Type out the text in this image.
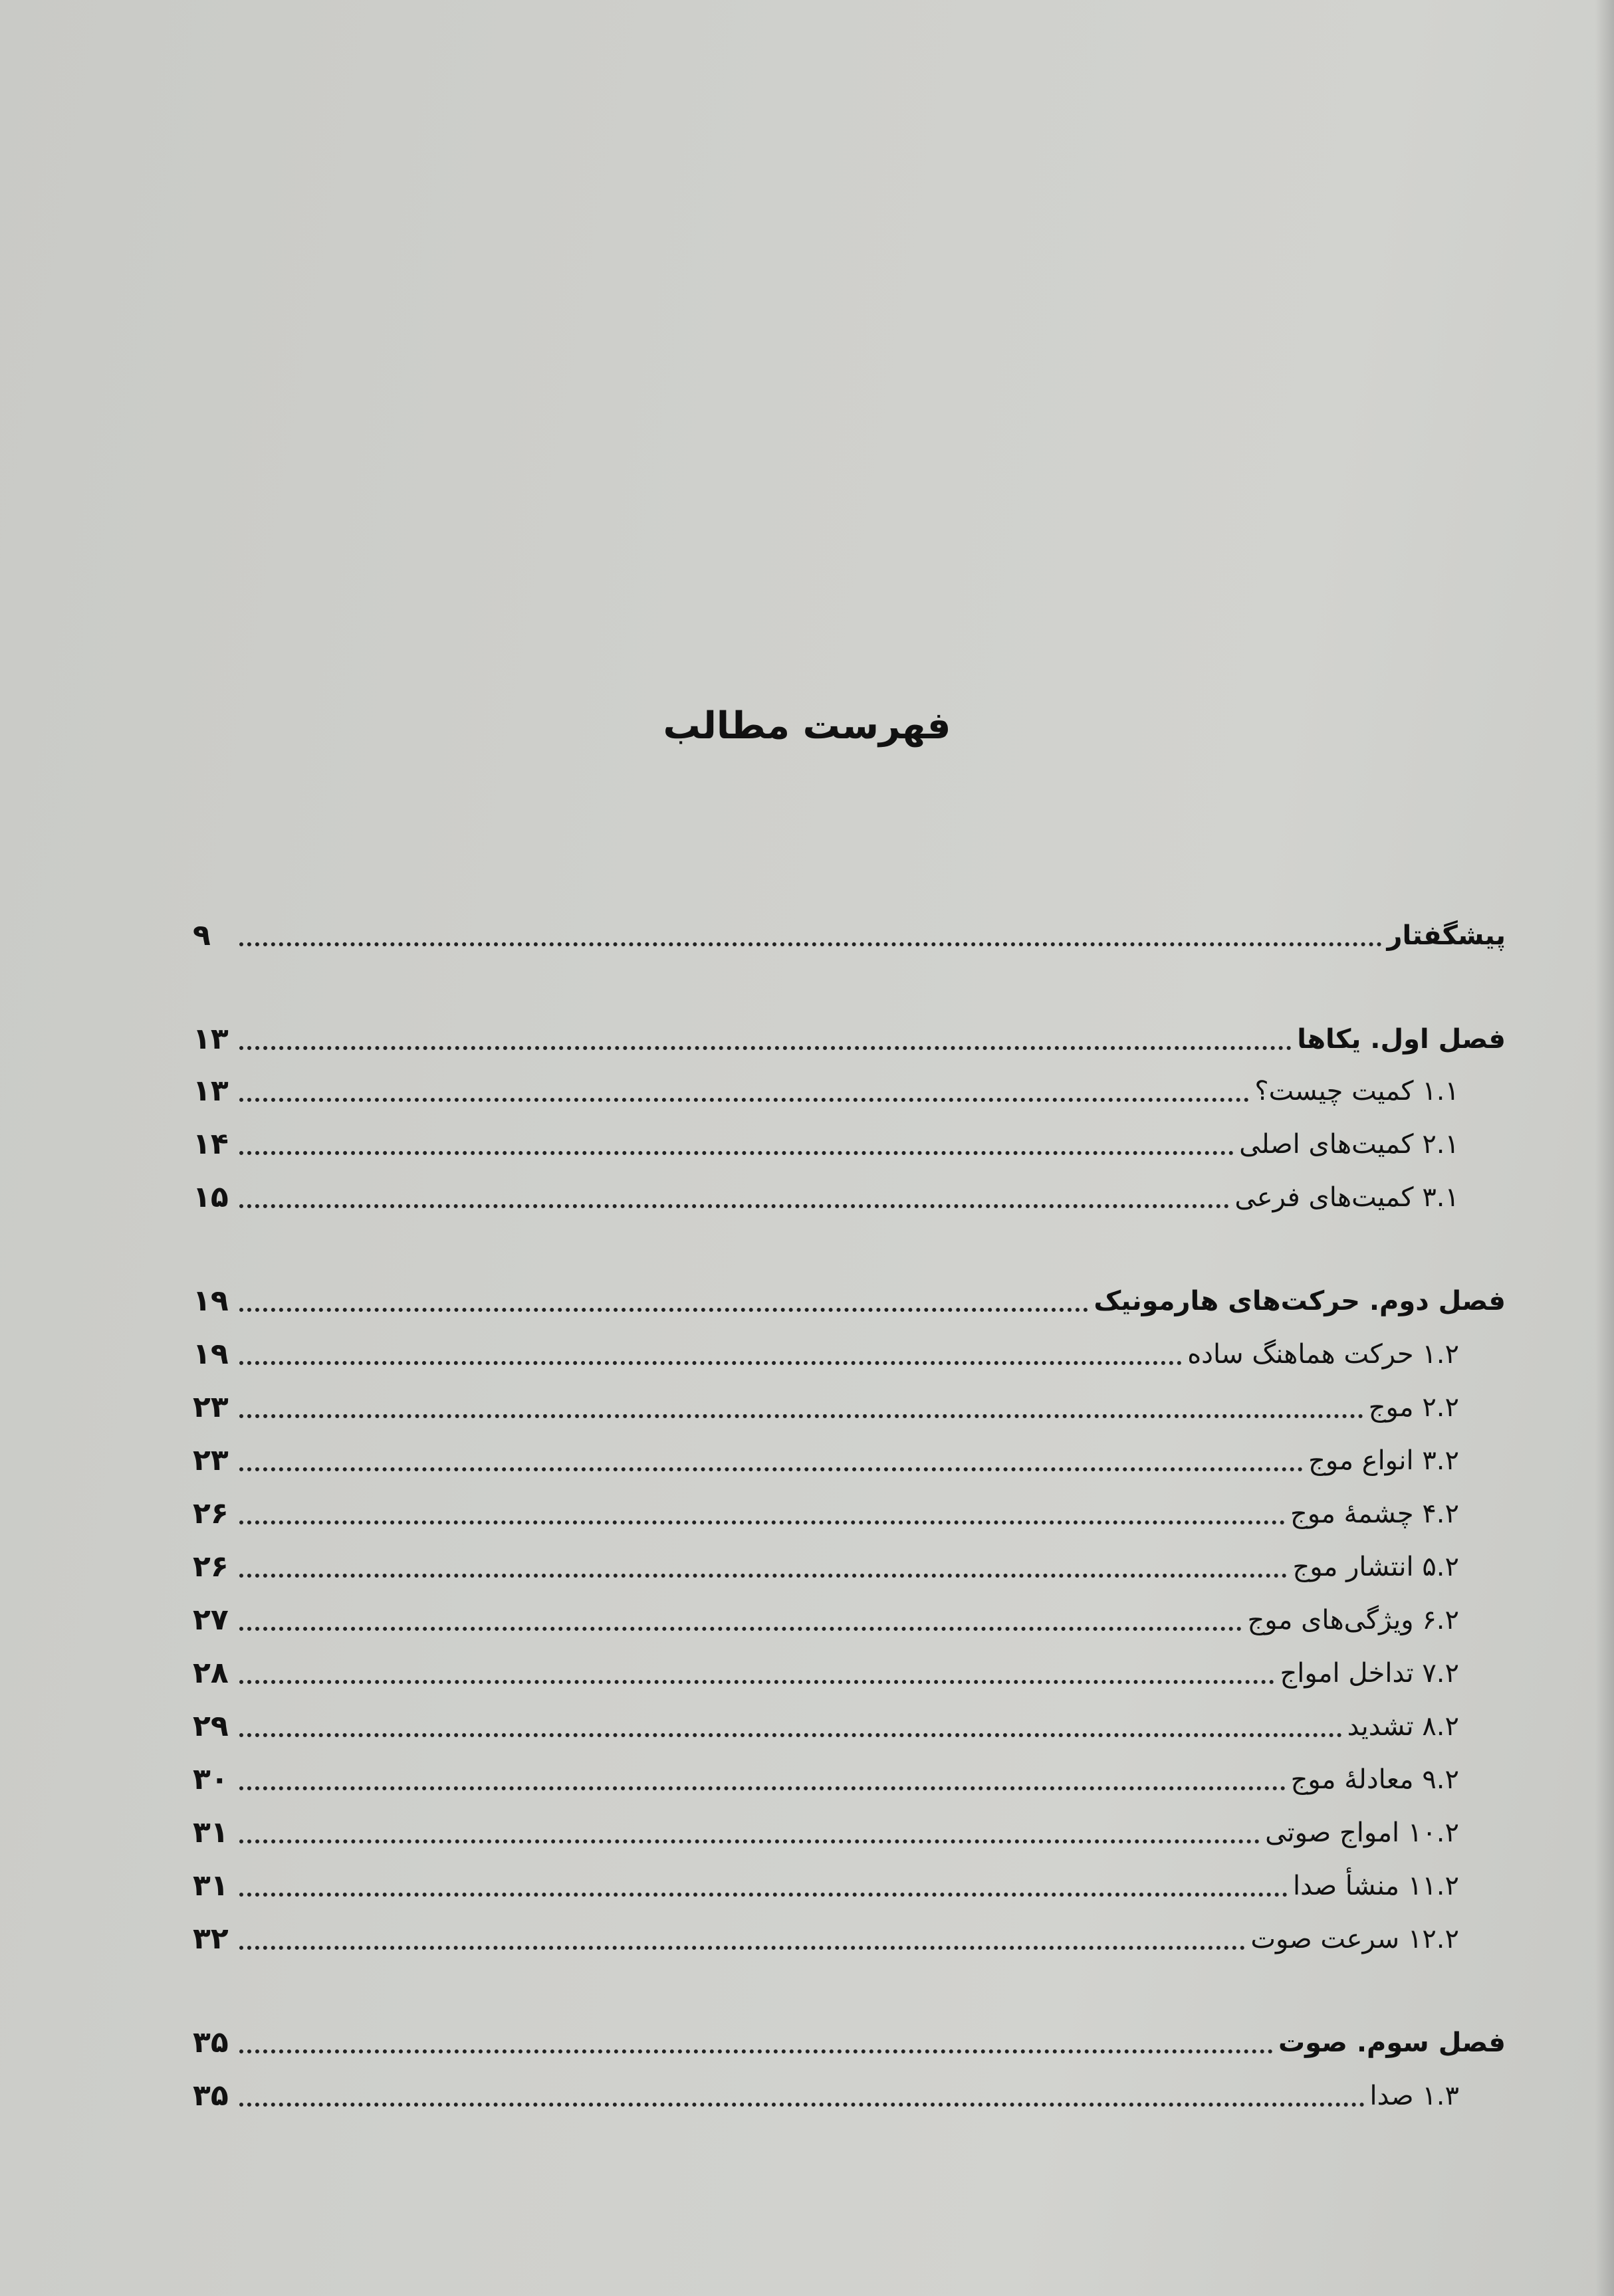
فهرست مطالب
پیشگفتار
۹
فصل اول. یکاها
۱۳
۱.۱ کمیت چیست؟
۱۳
۲.۱ کمیت‌های اصلی
۱۴
۳.۱ کمیت‌های فرعی
۱۵
فصل دوم. حرکت‌های هارمونیک
۱۹
۱.۲ حرکت هماهنگ ساده
۱۹
۲.۲ موج
۲۳
۳.۲ انواع موج
۲۳
۴.۲ چشمهٔ موج
۲۶
۵.۲ انتشار موج
۲۶
۶.۲ ویژگی‌های موج
۲۷
۷.۲ تداخل امواج
۲۸
۸.۲ تشدید
۲۹
۹.۲ معادلهٔ موج
۳۰
۱۰.۲ امواج صوتی
۳۱
۱۱.۲ منشأ صدا
۳۱
۱۲.۲ سرعت صوت
۳۲
فصل سوم. صوت
۳۵
۱.۳ صدا
۳۵
